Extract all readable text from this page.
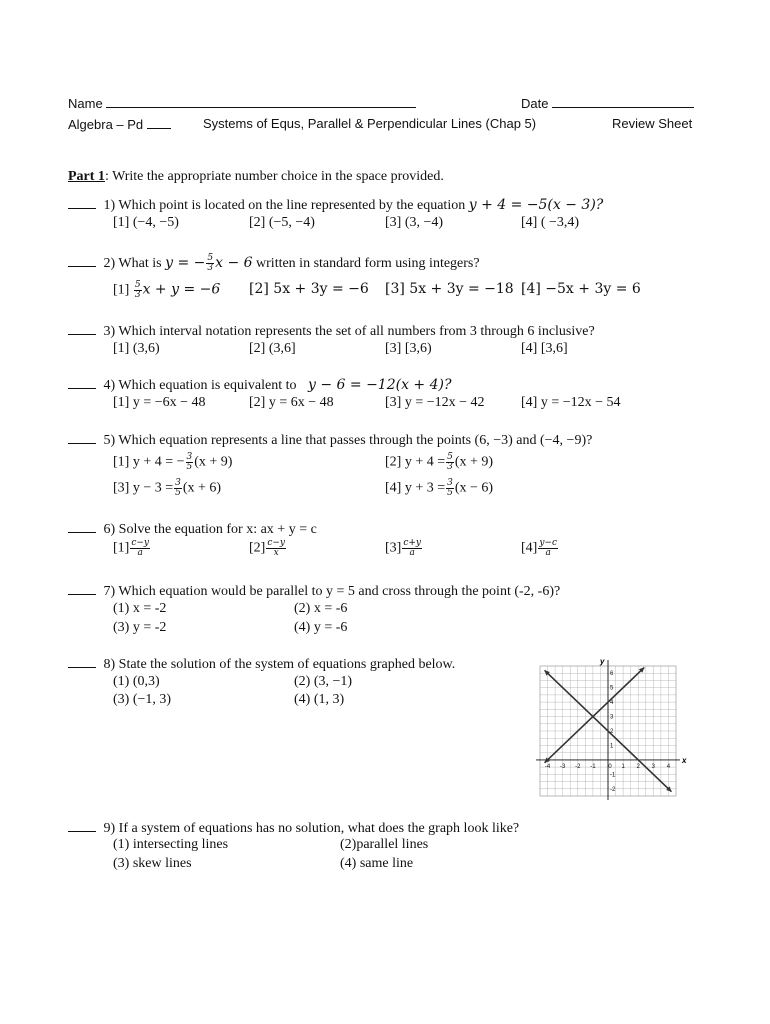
Name	Date
Algebra – Pd	Systems of Equs, Parallel & Perpendicular Lines (Chap 5)	Review Sheet
Part 1: Write the appropriate number choice in the space provided.
1) Which point is located on the line represented by the equation y + 4 = −5(x − 3)?
[1] (−4, −5)	[2] (−5, −4)	[3] (3, −4)	[4] ( −3,4)
2) What is y = − $\frac{5}{3}$ x − 6 written in standard form using integers?
$[1] \frac{5}{3}$ x + y = −6 [2] 5x + 3y = −6 [3] 5x + 3y = −18 [4] −5x + 3y = 6
3) Which interval notation represents the set of all numbers from 3 through 6 inclusive?
[1] (3,6)	[2] (3,6]	[3] [3,6)	[4] [3,6]
4) Which equation is equivalent to y − 6 = −12(x + 4)?
[1] y = −6x − 48	[2] y = 6x − 48	[3] y = −12x − 42	[4] y = −12x − 54
5) Which equation represents a line that passes through the points (6, −3) and (−4, −9)?
[1] y + 4 = − $\frac{3}{5} (x + 9)$	[2] $y + 4 = \frac{5}{3} (x + 9)$
[3] $y - 3 = \frac{3}{5} (x + 6)$	[4] $y + 3 = \frac{3}{5} (x - 6)$
6) Solve the equation for x: ax + y = c
$[1] \frac{c-y}{a}$	$[2] \frac{c-y}{x}$	$[3] \frac{c+y}{a}$	$[4] \frac{y-c}{a}$
7) Which equation would be parallel to y = 5 and cross through the point (-2, -6)?
(1) x = -2	(2) x = -6
(3) y = -2	(4) y = -6
8) State the solution of the system of equations graphed below.
(1) (0,3)	(2) (3, −1)
(3) (−1, 3)	(4) (1, 3)
-4 -3 -2 -1 0 1 2 3 4
6
5
4
3
2
1
-1
-2
x
y
9) If a system of equations has no solution, what does the graph look like?
(1) intersecting lines	(2)parallel lines
(3) skew lines	(4) same line
